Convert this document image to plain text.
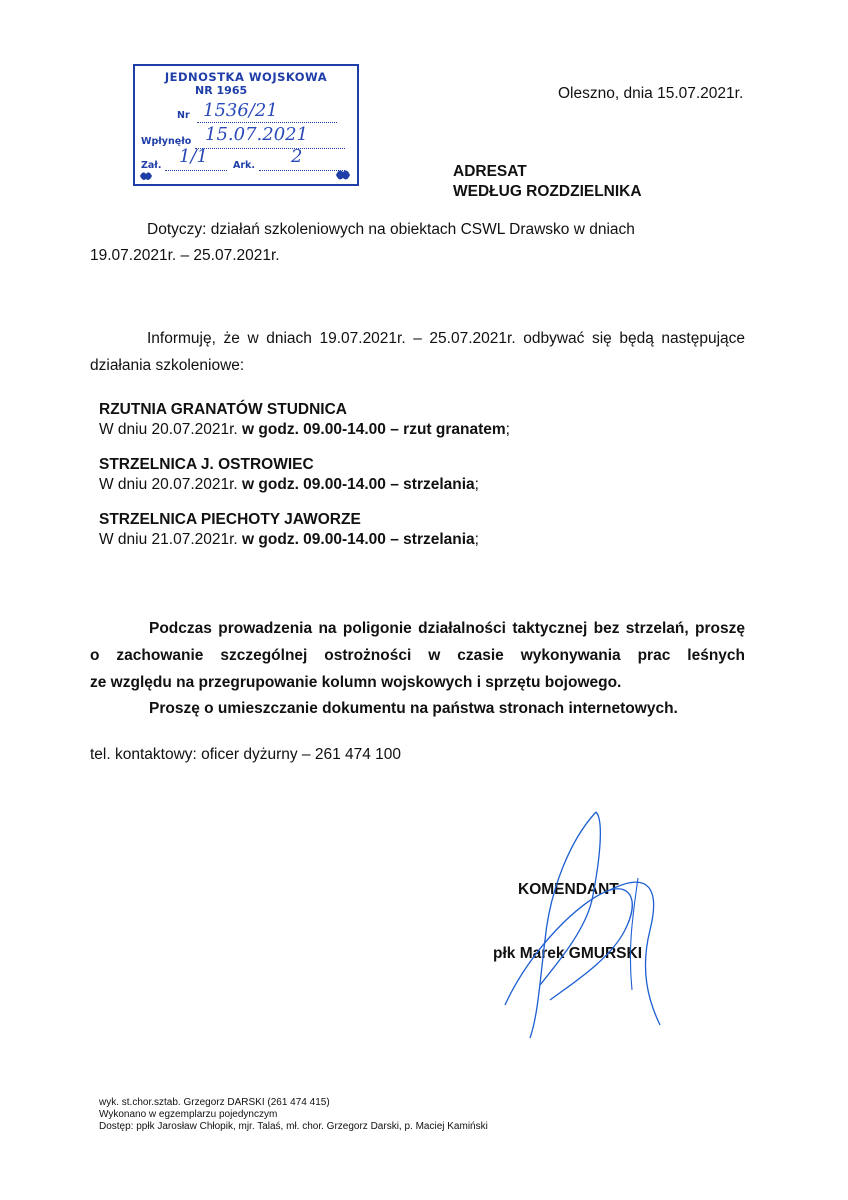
JEDNOSTKA WOJSKOWA
NR 1965
Nr 1536/21
Wpłynęło 15.07.2021
Zał. 1/1	Ark. 2
Oleszno, dnia 15.07.2021r.
ADRESAT
WEDŁUG ROZDZIELNIKA
Dotyczy: działań szkoleniowych na obiektach CSWL Drawsko w dniach
19.07.2021r. – 25.07.2021r.
Informuję, że w dniach 19.07.2021r. – 25.07.2021r. odbywać się będą następujące
działania szkoleniowe:
RZUTNIA GRANATÓW STUDNICA
W dniu 20.07.2021r. w godz. 09.00-14.00 – rzut granatem;
STRZELNICA J. OSTROWIEC
W dniu 20.07.2021r. w godz. 09.00-14.00 – strzelania;
STRZELNICA PIECHOTY JAWORZE
W dniu 21.07.2021r. w godz. 09.00-14.00 – strzelania;
Podczas prowadzenia na poligonie działalności taktycznej bez strzelań, proszę
o zachowanie szczególnej ostrożności w czasie wykonywania prac leśnych
ze względu na przegrupowanie kolumn wojskowych i sprzętu bojowego.
Proszę o umieszczanie dokumentu na państwa stronach internetowych.
tel. kontaktowy: oficer dyżurny – 261 474 100
KOMENDANT
płk Marek GMURSKI
wyk. st.chor.sztab. Grzegorz DARSKI (261 474 415)
Wykonano w egzemplarzu pojedynczym
Dostęp: ppłk Jarosław Chłopik, mjr. Talaś, mł. chor. Grzegorz Darski, p. Maciej Kamiński
